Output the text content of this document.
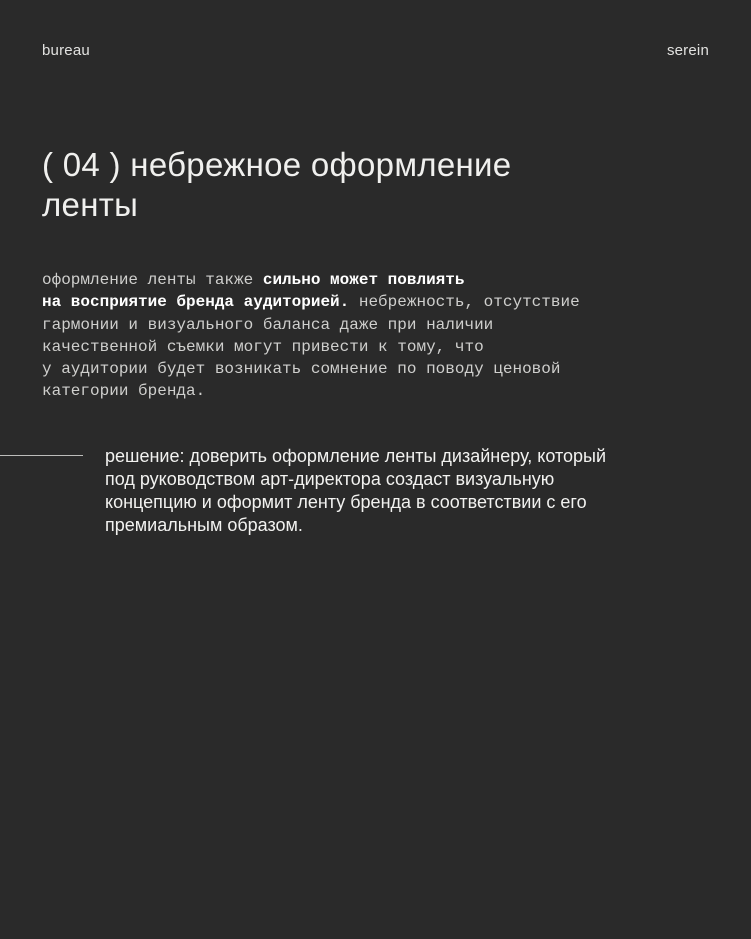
bureau	serein
( 04 ) небрежное оформление
ленты

оформление ленты также сильно может повлиять
на восприятие бренда аудиторией. небрежность, отсутствие
гармонии и визуального баланса даже при наличии
качественной съемки могут привести к тому, что
у аудитории будет возникать сомнение по поводу ценовой
категории бренда.

решение: доверить оформление ленты дизайнеру, который
под руководством арт-директора создаст визуальную
концепцию и оформит ленту бренда в соответствии с его
премиальным образом.
